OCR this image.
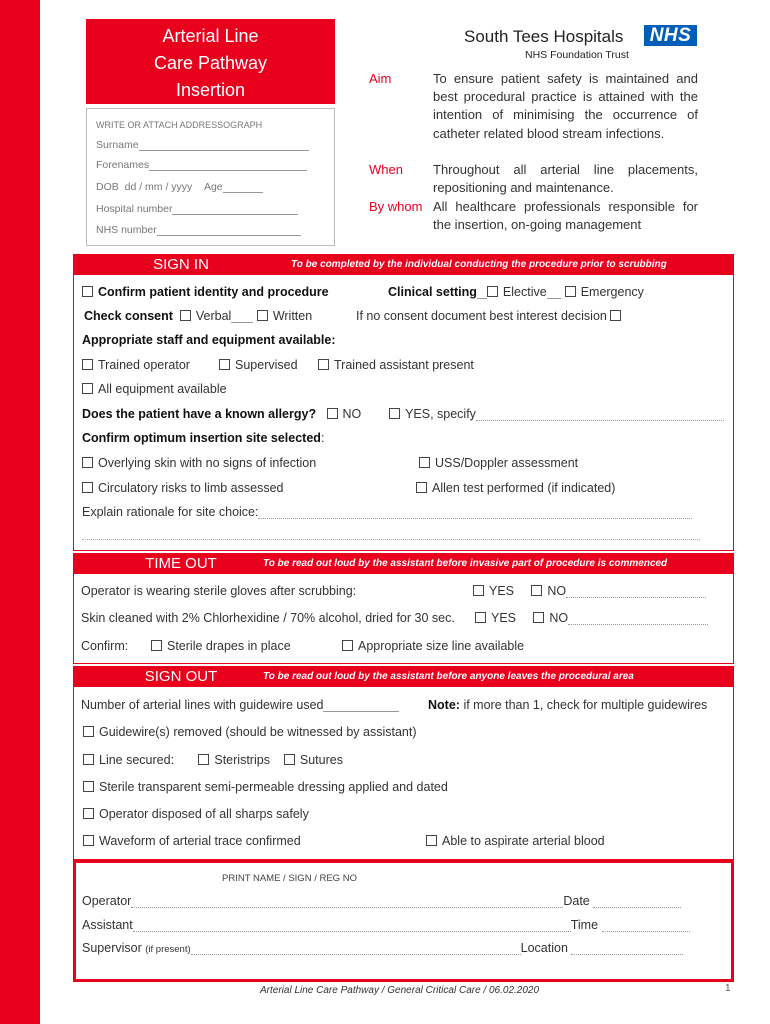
Arterial Line
Care Pathway
Insertion
WRITE OR ATTACH ADDRESSOGRAPH
Surname
Forenames
DOB dd / mm / yyyy Age
Hospital number
NHS number
South Tees Hospitals NHS
NHS Foundation Trust
Aim	To ensure patient safety is maintained and best procedural practice is attained with the intention of minimising the occurrence of catheter related blood stream infections.
When Throughout all arterial line placements, repositioning and maintenance.
By whom All healthcare professionals responsible for the insertion, on-going management
SIGN IN	To be completed by the individual conducting the procedure prior to scrubbing
Confirm patient identity and procedure	Clinical setting Elective	Emergency
Check consent Verbal	Written	If no consent document best interest decision
Appropriate staff and equipment available:
Trained operator	Supervised	Trained assistant present
All equipment available
Does the patient have a known allergy? NO	YES, specify
Confirm optimum insertion site selected:
Overlying skin with no signs of infection	USS/Doppler assessment
Circulatory risks to limb assessed	Allen test performed (if indicated)
Explain rationale for site choice:
TIME OUT	To be read out loud by the assistant before invasive part of procedure is commenced
Operator is wearing sterile gloves after scrubbing:	YES	NO
Skin cleaned with 2% Chlorhexidine / 70% alcohol, dried for 30 sec.	YES	NO
Confirm:	Sterile drapes in place	Appropriate size line available
SIGN OUT	To be read out loud by the assistant before anyone leaves the procedural area
Number of arterial lines with guidewire used	Note: if more than 1, check for multiple guidewires
Guidewire(s) removed (should be witnessed by assistant)
Line secured:	Steristrips Sutures
Sterile transparent semi-permeable dressing applied and dated
Operator disposed of all sharps safely
Waveform of arterial trace confirmed	Able to aspirate arterial blood
PRINT NAME / SIGN / REG NO
Operator	Date
Assistant	Time
Supervisor (if present)	Location
Arterial Line Care Pathway / General Critical Care / 06.02.2020	1
